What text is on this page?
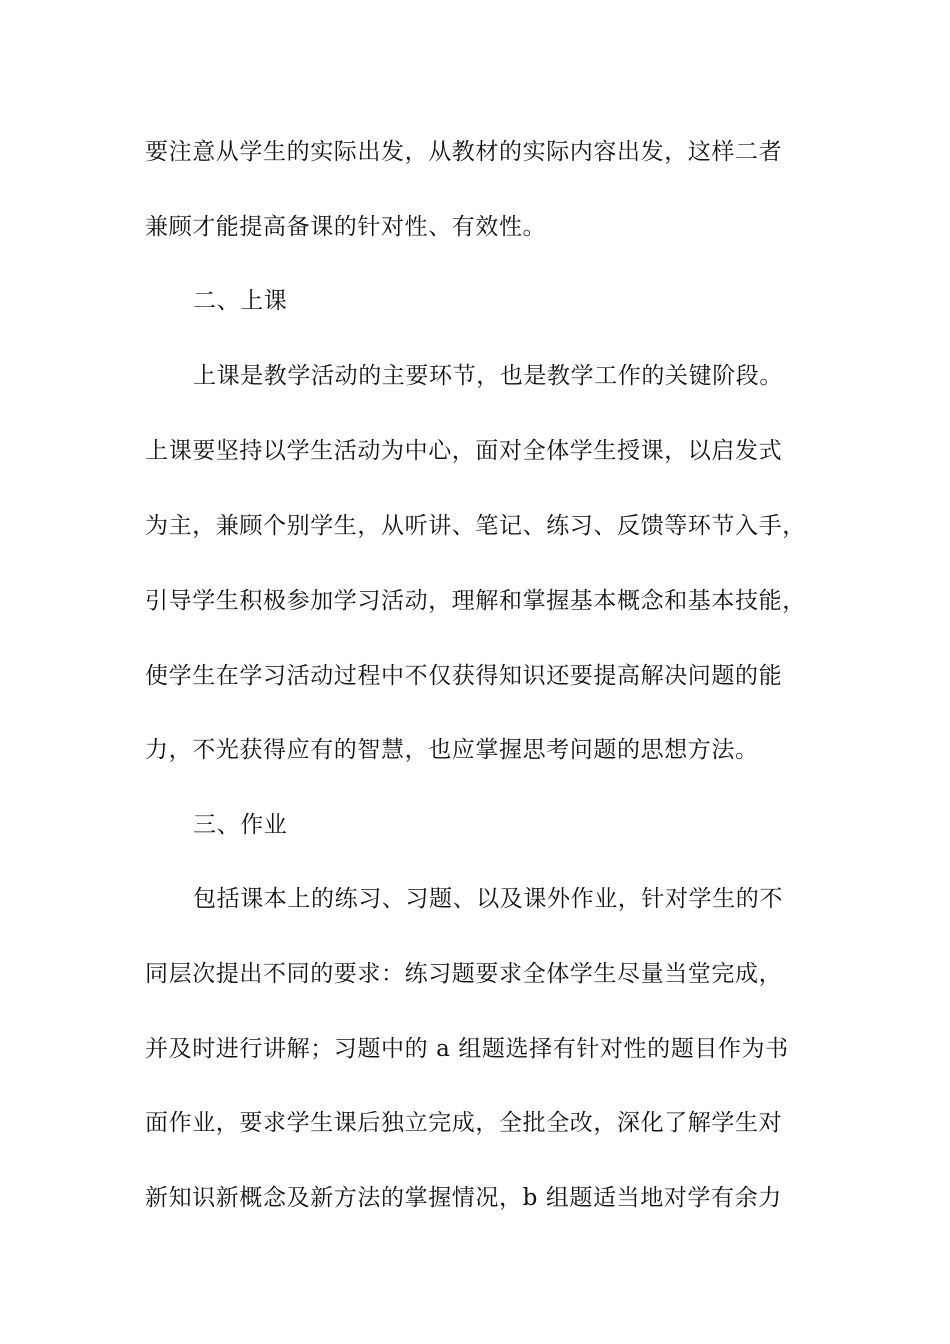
要注意从学生的实际出发，从教材的实际内容出发，这样二者
兼顾才能提高备课的针对性、有效性。
二、上课
上课是教学活动的主要环节，也是教学工作的关键阶段。
上课要坚持以学生活动为中心，面对全体学生授课，以启发式
为主，兼顾个别学生，从听讲、笔记、练习、反馈等环节入手，
引导学生积极参加学习活动，理解和掌握基本概念和基本技能，
使学生在学习活动过程中不仅获得知识还要提高解决问题的能
力，不光获得应有的智慧，也应掌握思考问题的思想方法。
三、作业
包括课本上的练习、习题、以及课外作业，针对学生的不
同层次提出不同的要求：练习题要求全体学生尽量当堂完成，
并及时进行讲解；习题中的 a 组题选择有针对性的题目作为书
面作业，要求学生课后独立完成，全批全改，深化了解学生对
新知识新概念及新方法的掌握情况，b 组题适当地对学有余力
